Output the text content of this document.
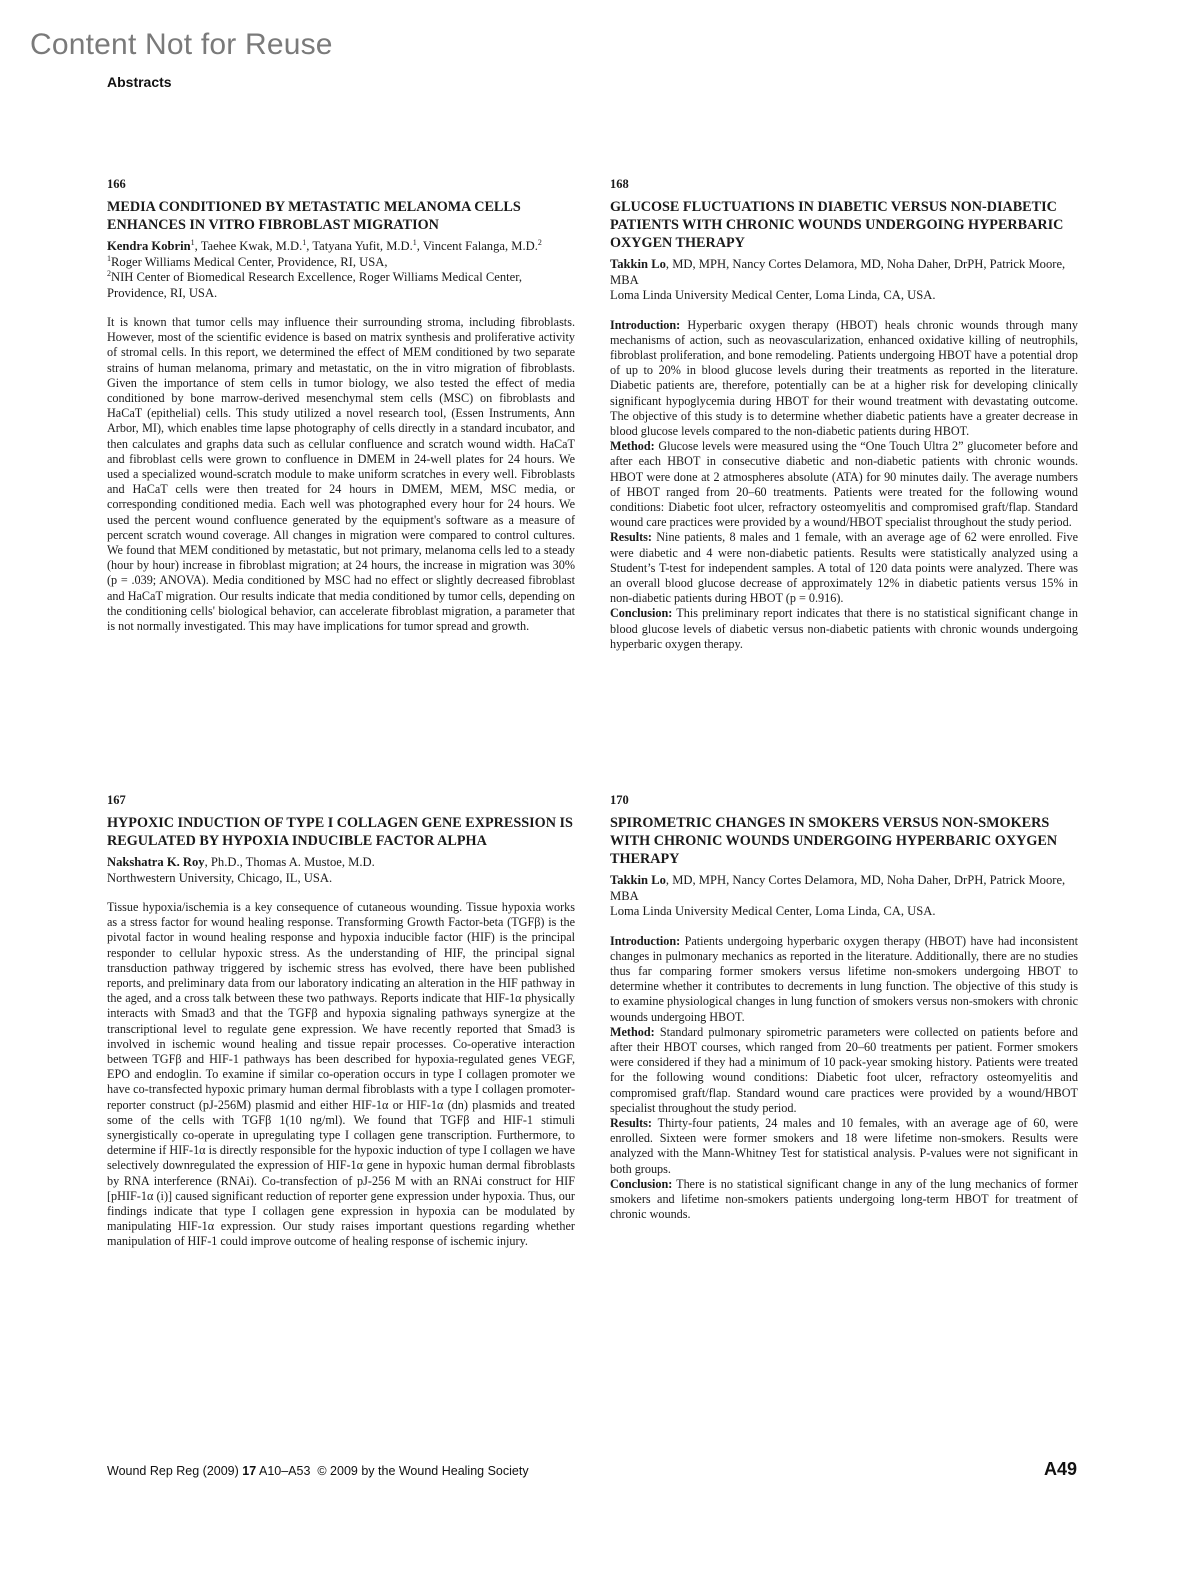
Content Not for Reuse
Abstracts
166
MEDIA CONDITIONED BY METASTATIC MELANOMA CELLS ENHANCES IN VITRO FIBROBLAST MIGRATION
Kendra Kobrin$^1$, Taehee Kwak, M.D.$^1$, Tatyana Yufit, M.D.$^1$, Vincent Falanga, M.D.$^2$
$^1$Roger Williams Medical Center, Providence, RI, USA,
$^2$NIH Center of Biomedical Research Excellence, Roger Williams Medical Center, Providence, RI, USA.

It is known that tumor cells may influence their surrounding stroma, including fibroblasts. However, most of the scientific evidence is based on matrix synthesis and proliferative activity of stromal cells. In this report, we determined the effect of MEM conditioned by two separate strains of human melanoma, primary and metastatic, on the in vitro migration of fibroblasts. Given the importance of stem cells in tumor biology, we also tested the effect of media conditioned by bone marrow-derived mesenchymal stem cells (MSC) on fibroblasts and HaCaT (epithelial) cells. This study utilized a novel research tool, (Essen Instruments, Ann Arbor, MI), which enables time lapse photography of cells directly in a standard incubator, and then calculates and graphs data such as cellular confluence and scratch wound width. HaCaT and fibroblast cells were grown to confluence in DMEM in 24-well plates for 24 hours. We used a specialized wound-scratch module to make uniform scratches in every well. Fibroblasts and HaCaT cells were then treated for 24 hours in DMEM, MEM, MSC media, or corresponding conditioned media. Each well was photographed every hour for 24 hours. We used the percent wound confluence generated by the equipment's software as a measure of percent scratch wound coverage. All changes in migration were compared to control cultures. We found that MEM conditioned by metastatic, but not primary, melanoma cells led to a steady (hour by hour) increase in fibroblast migration; at 24 hours, the increase in migration was 30% (p = .039; ANOVA). Media conditioned by MSC had no effect or slightly decreased fibroblast and HaCaT migration. Our results indicate that media conditioned by tumor cells, depending on the conditioning cells' biological behavior, can accelerate fibroblast migration, a parameter that is not normally investigated. This may have implications for tumor spread and growth.

167
HYPOXIC INDUCTION OF TYPE I COLLAGEN GENE EXPRESSION IS REGULATED BY HYPOXIA INDUCIBLE FACTOR ALPHA
Nakshatra K. Roy, Ph.D., Thomas A. Mustoe, M.D.
Northwestern University, Chicago, IL, USA.

Tissue hypoxia/ischemia is a key consequence of cutaneous wounding. Tissue hypoxia works as a stress factor for wound healing response. Transforming Growth Factor-beta (TGFβ) is the pivotal factor in wound healing response and hypoxia inducible factor (HIF) is the principal responder to cellular hypoxic stress. As the understanding of HIF, the principal signal transduction pathway triggered by ischemic stress has evolved, there have been published reports, and preliminary data from our laboratory indicating an alteration in the HIF pathway in the aged, and a cross talk between these two pathways. Reports indicate that HIF-1α physically interacts with Smad3 and that the TGFβ and hypoxia signaling pathways synergize at the transcriptional level to regulate gene expression. We have recently reported that Smad3 is involved in ischemic wound healing and tissue repair processes. Co-operative interaction between TGFβ and HIF-1 pathways has been described for hypoxia-regulated genes VEGF, EPO and endoglin. To examine if similar co-operation occurs in type I collagen promoter we have co-transfected hypoxic primary human dermal fibroblasts with a type I collagen promoter-reporter construct (pJ-256M) plasmid and either HIF-1α or HIF-1α (dn) plasmids and treated some of the cells with TGFβ 1(10 ng/ml). We found that TGFβ and HIF-1 stimuli synergistically co-operate in upregulating type I collagen gene transcription. Furthermore, to determine if HIF-1α is directly responsible for the hypoxic induction of type I collagen we have selectively downregulated the expression of HIF-1α gene in hypoxic human dermal fibroblasts by RNA interference (RNAi). Co-transfection of pJ-256 M with an RNAi construct for HIF [pHIF-1α (i)] caused significant reduction of reporter gene expression under hypoxia. Thus, our findings indicate that type I collagen gene expression in hypoxia can be modulated by manipulating HIF-1α expression. Our study raises important questions regarding whether manipulation of HIF-1 could improve outcome of healing response of ischemic injury.

168
GLUCOSE FLUCTUATIONS IN DIABETIC VERSUS NON-DIABETIC PATIENTS WITH CHRONIC WOUNDS UNDERGOING HYPERBARIC OXYGEN THERAPY
Takkin Lo, MD, MPH, Nancy Cortes Delamora, MD, Noha Daher, DrPH, Patrick Moore, MBA
Loma Linda University Medical Center, Loma Linda, CA, USA.

Introduction: Hyperbaric oxygen therapy (HBOT) heals chronic wounds through many mechanisms of action, such as neovascularization, enhanced oxidative killing of neutrophils, fibroblast proliferation, and bone remodeling. Patients undergoing HBOT have a potential drop of up to 20% in blood glucose levels during their treatments as reported in the literature. Diabetic patients are, therefore, potentially can be at a higher risk for developing clinically significant hypoglycemia during HBOT for their wound treatment with devastating outcome. The objective of this study is to determine whether diabetic patients have a greater decrease in blood glucose levels compared to the non-diabetic patients during HBOT.

Method: Glucose levels were measured using the “One Touch Ultra 2” glucometer before and after each HBOT in consecutive diabetic and non-diabetic patients with chronic wounds. HBOT were done at 2 atmospheres absolute (ATA) for 90 minutes daily. The average numbers of HBOT ranged from 20–60 treatments. Patients were treated for the following wound conditions: Diabetic foot ulcer, refractory osteomyelitis and compromised graft/flap. Standard wound care practices were provided by a wound/HBOT specialist throughout the study period.

Results: Nine patients, 8 males and 1 female, with an average age of 62 were enrolled. Five were diabetic and 4 were non-diabetic patients. Results were statistically analyzed using a Student’s T-test for independent samples. A total of 120 data points were analyzed. There was an overall blood glucose decrease of approximately 12% in diabetic patients versus 15% in non-diabetic patients during HBOT (p = 0.916).

Conclusion: This preliminary report indicates that there is no statistical significant change in blood glucose levels of diabetic versus non-diabetic patients with chronic wounds undergoing hyperbaric oxygen therapy.

170
SPIROMETRIC CHANGES IN SMOKERS VERSUS NON-SMOKERS WITH CHRONIC WOUNDS UNDERGOING HYPERBARIC OXYGEN THERAPY
Takkin Lo, MD, MPH, Nancy Cortes Delamora, MD, Noha Daher, DrPH, Patrick Moore, MBA
Loma Linda University Medical Center, Loma Linda, CA, USA.

Introduction: Patients undergoing hyperbaric oxygen therapy (HBOT) have had inconsistent changes in pulmonary mechanics as reported in the literature. Additionally, there are no studies thus far comparing former smokers versus lifetime non-smokers undergoing HBOT to determine whether it contributes to decrements in lung function. The objective of this study is to examine physiological changes in lung function of smokers versus non-smokers with chronic wounds undergoing HBOT.

Method: Standard pulmonary spirometric parameters were collected on patients before and after their HBOT courses, which ranged from 20–60 treatments per patient. Former smokers were considered if they had a minimum of 10 pack-year smoking history. Patients were treated for the following wound conditions: Diabetic foot ulcer, refractory osteomyelitis and compromised graft/flap. Standard wound care practices were provided by a wound/HBOT specialist throughout the study period.

Results: Thirty-four patients, 24 males and 10 females, with an average age of 60, were enrolled. Sixteen were former smokers and 18 were lifetime non-smokers. Results were analyzed with the Mann-Whitney Test for statistical analysis. P-values were not significant in both groups.

Conclusion: There is no statistical significant change in any of the lung mechanics of former smokers and lifetime non-smokers patients undergoing long-term HBOT for treatment of chronic wounds.

Wound Rep Reg (2009) 17 A10–A53 © 2009 by the Wound Healing Society	A49
